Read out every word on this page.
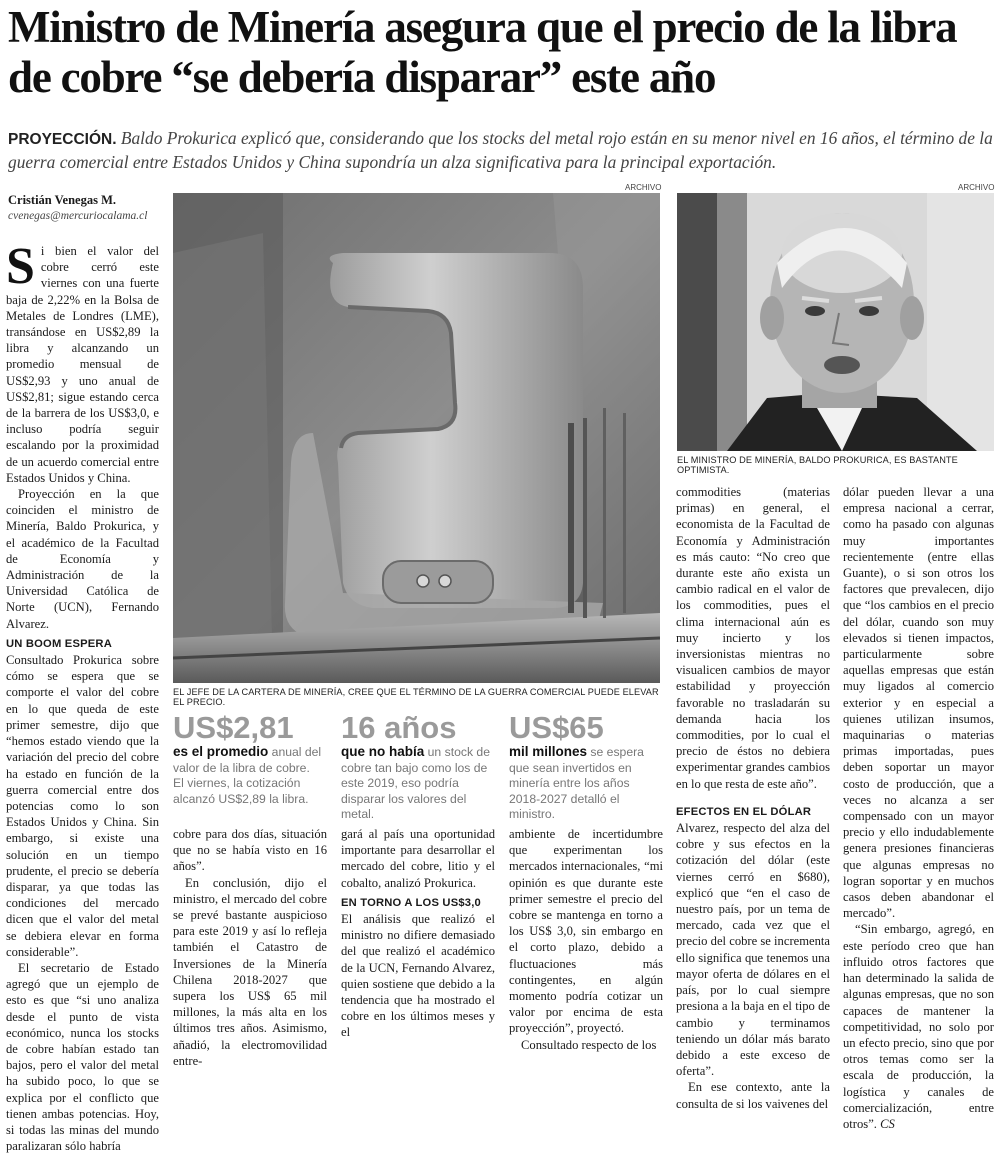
Ministro de Minería asegura que el precio de la libra de cobre “se debería disparar” este año
PROYECCIÓN. Baldo Prokurica explicó que, considerando que los stocks del metal rojo están en su menor nivel en 16 años, el término de la guerra comercial entre Estados Unidos y China supondría un alza significativa para la principal exportación.
Cristián Venegas M.
cvenegas@mercuriocalama.cl
ARCHIVO
EL JEFE DE LA CARTERA DE MINERÍA, CREE QUE EL TÉRMINO DE LA GUERRA COMERCIAL PUEDE ELEVAR EL PRECIO.
ARCHIVO
EL MINISTRO DE MINERÍA, BALDO PROKURICA, ES BASTANTE OPTIMISTA.

Si bien el valor del cobre cerró este viernes con una fuerte baja de 2,22% en la Bolsa de Metales de Londres (LME), transándose en US$2,89 la libra y alcanzando un promedio mensual de US$2,93 y uno anual de US$2,81; sigue estando cerca de la barrera de los US$3,0, e incluso podría seguir escalando por la proximidad de un acuerdo comercial entre Estados Unidos y China.

Proyección en la que coinciden el ministro de Minería, Baldo Prokurica, y el académico de la Facultad de Economía y Administración de la Universidad Católica de Norte (UCN), Fernando Alvarez.

UN BOOM ESPERA

Consultado Prokurica sobre cómo se espera que se comporte el valor del cobre en lo que queda de este primer semestre, dijo que “hemos estado viendo que la variación del precio del cobre ha estado en función de la guerra comercial entre dos potencias como lo son Estados Unidos y China. Sin embargo, si existe una solución en un tiempo prudente, el precio se debería disparar, ya que todas las condiciones del mercado dicen que el valor del metal se debiera elevar en forma considerable”.

El secretario de Estado agregó que un ejemplo de esto es que “si uno analiza desde el punto de vista económico, nunca los stocks de cobre habían estado tan bajos, pero el valor del metal ha subido poco, lo que se explica por el conflicto que tienen ambas potencias. Hoy, si todas las minas del mundo paralizaran sólo habría

US$2,81
es el promedio anual del valor de la libra de cobre. El viernes, la cotización alcanzó US$2,89 la libra.
16 años
que no había un stock de cobre tan bajo como los de este 2019, eso podría disparar los valores del metal.
US$65
mil millones se espera que sean invertidos en minería entre los años 2018-2027 detalló el ministro.

cobre para dos días, situación que no se había visto en 16 años”.

En conclusión, dijo el ministro, el mercado del cobre se prevé bastante auspicioso para este 2019 y así lo refleja también el Catastro de Inversiones de la Minería Chilena 2018-2027 que supera los US$ 65 mil millones, la más alta en los últimos tres años. Asimismo, añadió, la electromovilidad entre-

gará al país una oportunidad importante para desarrollar el mercado del cobre, litio y el cobalto, analizó Prokurica.

EN TORNO A LOS US$3,0

El análisis que realizó el ministro no difiere demasiado del que realizó el académico de la UCN, Fernando Alvarez, quien sostiene que debido a la tendencia que ha mostrado el cobre en los últimos meses y el

ambiente de incertidumbre que experimentan los mercados internacionales, “mi opinión es que durante este primer semestre el precio del cobre se mantenga en torno a los US$ 3,0, sin embargo en el corto plazo, debido a fluctuaciones más contingentes, en algún momento podría cotizar un valor por encima de esta proyección”, proyectó.

Consultado respecto de los

commodities (materias primas) en general, el economista de la Facultad de Economía y Administración es más cauto: “No creo que durante este año exista un cambio radical en el valor de los commodities, pues el clima internacional aún es muy incierto y los inversionistas mientras no visualicen cambios de mayor estabilidad y proyección favorable no trasladarán su demanda hacia los commodities, por lo cual el precio de éstos no debiera experimentar grandes cambios en lo que resta de este año”.

EFECTOS EN EL DÓLAR

Alvarez, respecto del alza del cobre y sus efectos en la cotización del dólar (este viernes cerró en $680), explicó que “en el caso de nuestro país, por un tema de mercado, cada vez que el precio del cobre se incrementa ello significa que tenemos una mayor oferta de dólares en el país, por lo cual siempre presiona a la baja en el tipo de cambio y terminamos teniendo un dólar más barato debido a este exceso de oferta”.

En ese contexto, ante la consulta de si los vaivenes del

dólar pueden llevar a una empresa nacional a cerrar, como ha pasado con algunas muy importantes recientemente (entre ellas Guante), o si son otros los factores que prevalecen, dijo que “los cambios en el precio del dólar, cuando son muy elevados si tienen impactos, particularmente sobre aquellas empresas que están muy ligados al comercio exterior y en especial a quienes utilizan insumos, maquinarias o materias primas importadas, pues deben soportar un mayor costo de producción, que a veces no alcanza a ser compensado con un mayor precio y ello indudablemente genera presiones financieras que algunas empresas no logran soportar y en muchos casos deben abandonar el mercado”.

“Sin embargo, agregó, en este período creo que han influido otros factores que han determinado la salida de algunas empresas, que no son capaces de mantener la competitividad, no solo por un efecto precio, sino que por otros temas como ser la escala de producción, la logística y canales de comercialización, entre otros”. CS
